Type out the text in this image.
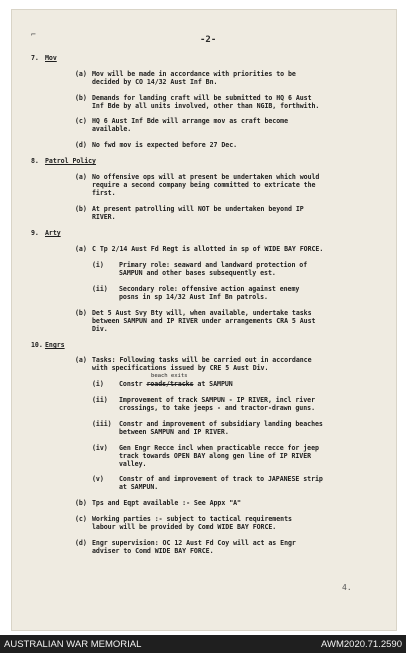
⌐
-2-
7. Mov
(a) Mov will be made in accordance with priorities to be
decided by CO 14/32 Aust Inf Bn.
(b) Demands for landing craft will be submitted to HQ 6 Aust
Inf Bde by all units involved, other than NGIB, forthwith.
(c) HQ 6 Aust Inf Bde will arrange mov as craft become
available.
(d) No fwd mov is expected before 27 Dec.
8. Patrol Policy
(a) No offensive ops will at present be undertaken which would
require a second company being committed to extricate the
first.
(b) At present patrolling will NOT be undertaken beyond IP
RIVER.
9. Arty
(a) C Tp 2/14 Aust Fd Regt is allotted in sp of WIDE BAY FORCE.
(i) Primary role: seaward and landward protection of
SAMPUN and other bases subsequently est.
(ii) Secondary role: offensive action against enemy
posns in sp 14/32 Aust Inf Bn patrols.
(b) Det 5 Aust Svy Bty will, when available, undertake tasks
between SAMPUN and IP RIVER under arrangements CRA 5 Aust
Div.
10. Engrs
(a) Tasks: Following tasks will be carried out in accordance
with specifications issued by CRE 5 Aust Div.
beach exits
(i) Constr roads/tracks at SAMPUN
(ii) Improvement of track SAMPUN - IP RIVER, incl river
crossings, to take jeeps - and tractor-drawn guns.
(iii) Constr and improvement of subsidiary landing beaches
between SAMPUN and IP RIVER.
(iv) Gen Engr Recce incl when practicable recce for jeep
track towards OPEN BAY along gen line of IP RIVER
valley.
(v) Constr of and improvement of track to JAPANESE strip
at SAMPUN.
(b) Tps and Eqpt available :- See Appx "A"
(c) Working parties :- subject to tactical requirements
labour will be provided by Comd WIDE BAY FORCE.
(d) Engr supervision: OC 12 Aust Fd Coy will act as Engr
adviser to Comd WIDE BAY FORCE.
4.
AUSTRALIAN WAR MEMORIAL	AWM2020.71.2590
